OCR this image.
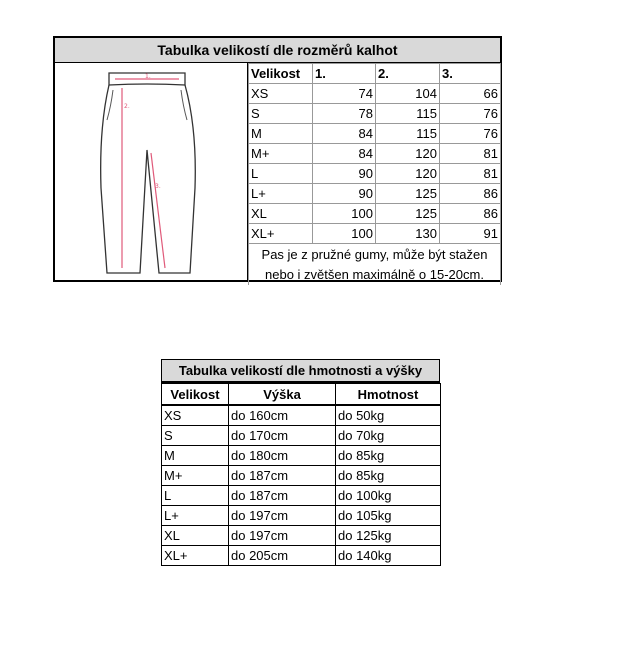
Tabulka velikostí dle rozměrů kalhot
1.
2.
3.
Velikost	1.	2.	3.
XS	74	104	66
S	78	115	76
M	84	115	76
M+	84	120	81
L	90	120	81
L+	90	125	86
XL	100	125	86
XL+	100	130	91
Pas je z pružné gumy, může být stažen nebo i zvětšen maximálně o 15-20cm.			
Tabulka velikostí dle hmotnosti a výšky
Velikost	Výška	Hmotnost
XS	do 160cm	do 50kg
S	do 170cm	do 70kg
M	do 180cm	do 85kg
M+	do 187cm	do 85kg
L	do 187cm	do 100kg
L+	do 197cm	do 105kg
XL	do 197cm	do 125kg
XL+	do 205cm	do 140kg
